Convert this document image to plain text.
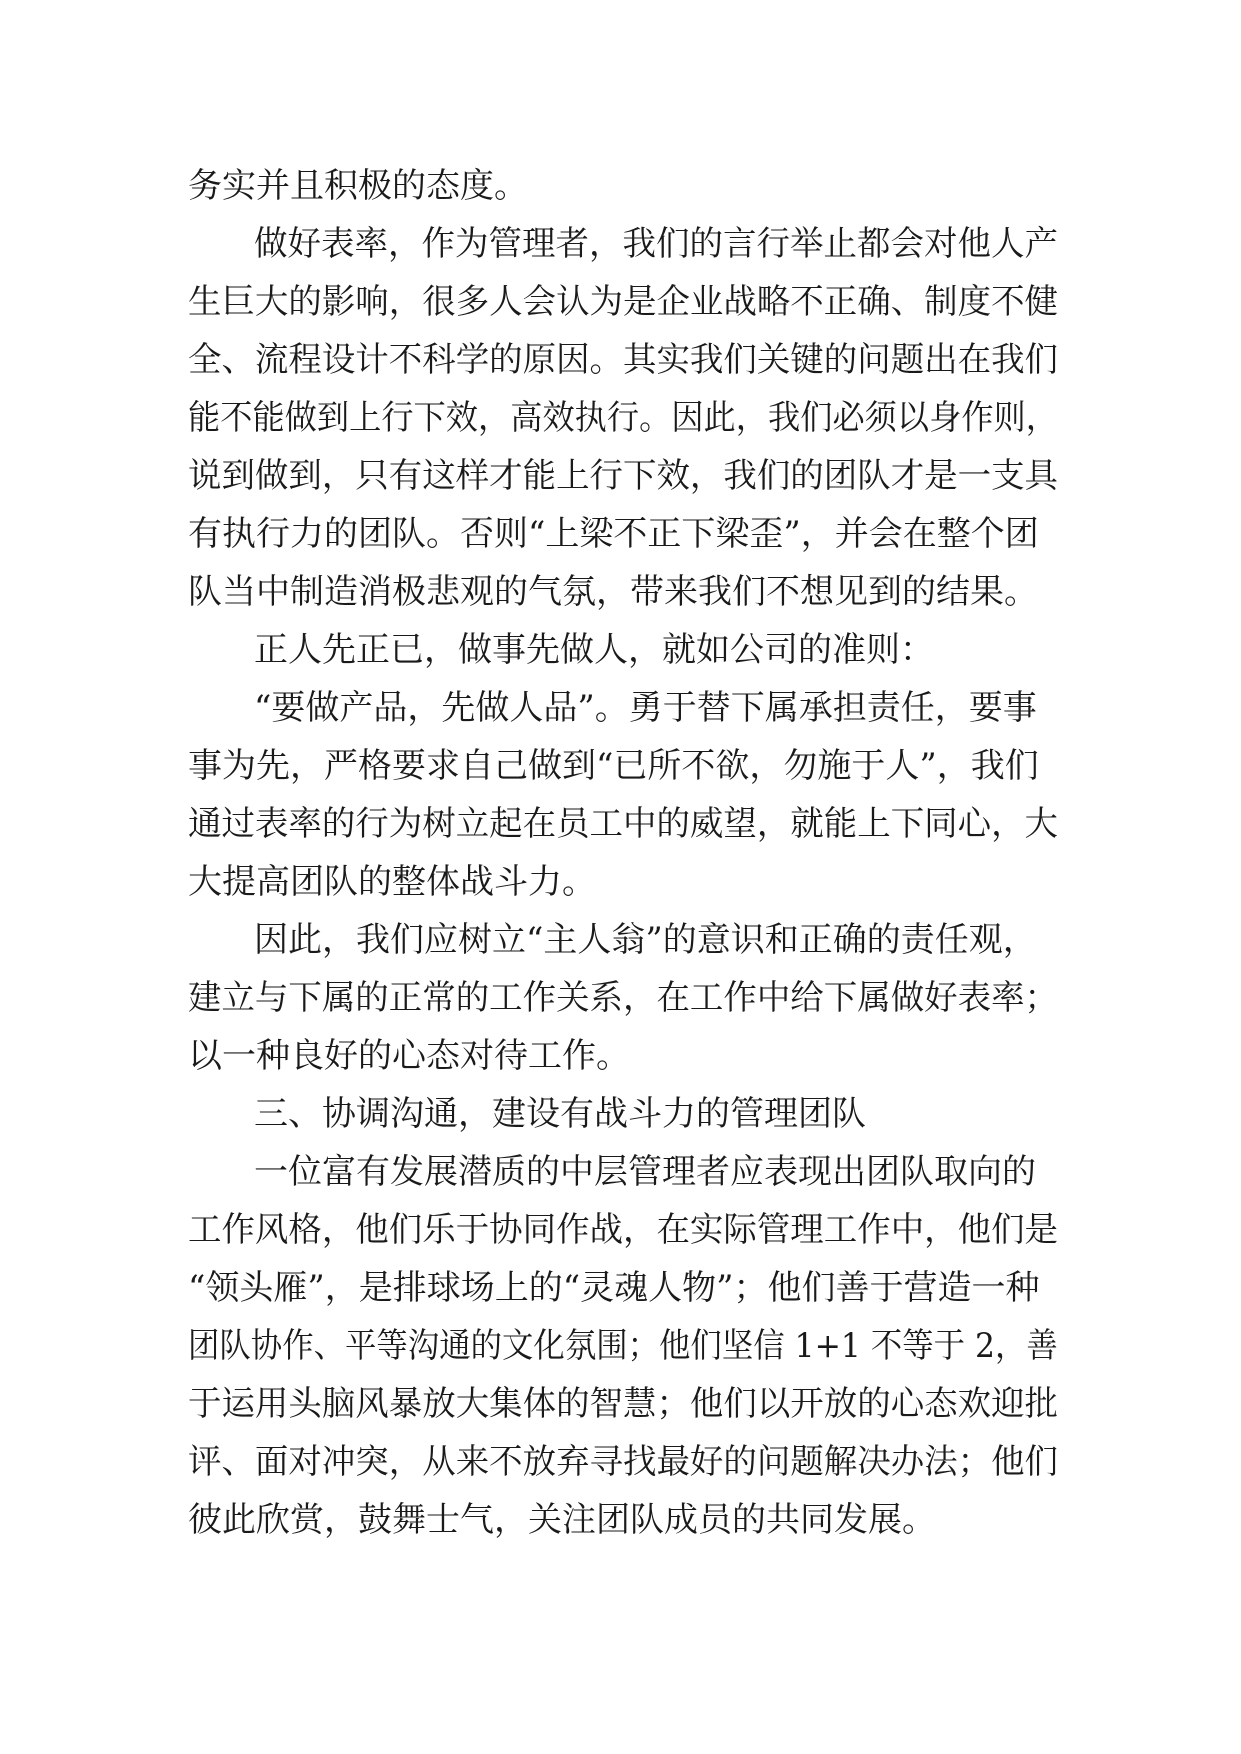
务实并且积极的态度。
做好表率，作为管理者，我们的言行举止都会对他人产
生巨大的影响，很多人会认为是企业战略不正确、制度不健
全、流程设计不科学的原因。其实我们关键的问题出在我们
能不能做到上行下效，高效执行。因此，我们必须以身作则，
说到做到，只有这样才能上行下效，我们的团队才是一支具
有执行力的团队。否则“上梁不正下梁歪”，并会在整个团
队当中制造消极悲观的气氛，带来我们不想见到的结果。
正人先正已，做事先做人，就如公司的准则：
“要做产品，先做人品”。勇于替下属承担责任，要事
事为先，严格要求自己做到“已所不欲，勿施于人”，我们
通过表率的行为树立起在员工中的威望，就能上下同心，大
大提高团队的整体战斗力。
因此，我们应树立“主人翁”的意识和正确的责任观，
建立与下属的正常的工作关系，在工作中给下属做好表率；
以一种良好的心态对待工作。
三、协调沟通，建设有战斗力的管理团队
一位富有发展潜质的中层管理者应表现出团队取向的
工作风格，他们乐于协同作战，在实际管理工作中，他们是
“领头雁”，是排球场上的“灵魂人物”；他们善于营造一种
团队协作、平等沟通的文化氛围；他们坚信 1+1 不等于 2，善
于运用头脑风暴放大集体的智慧；他们以开放的心态欢迎批
评、面对冲突，从来不放弃寻找最好的问题解决办法；他们
彼此欣赏，鼓舞士气，关注团队成员的共同发展。
